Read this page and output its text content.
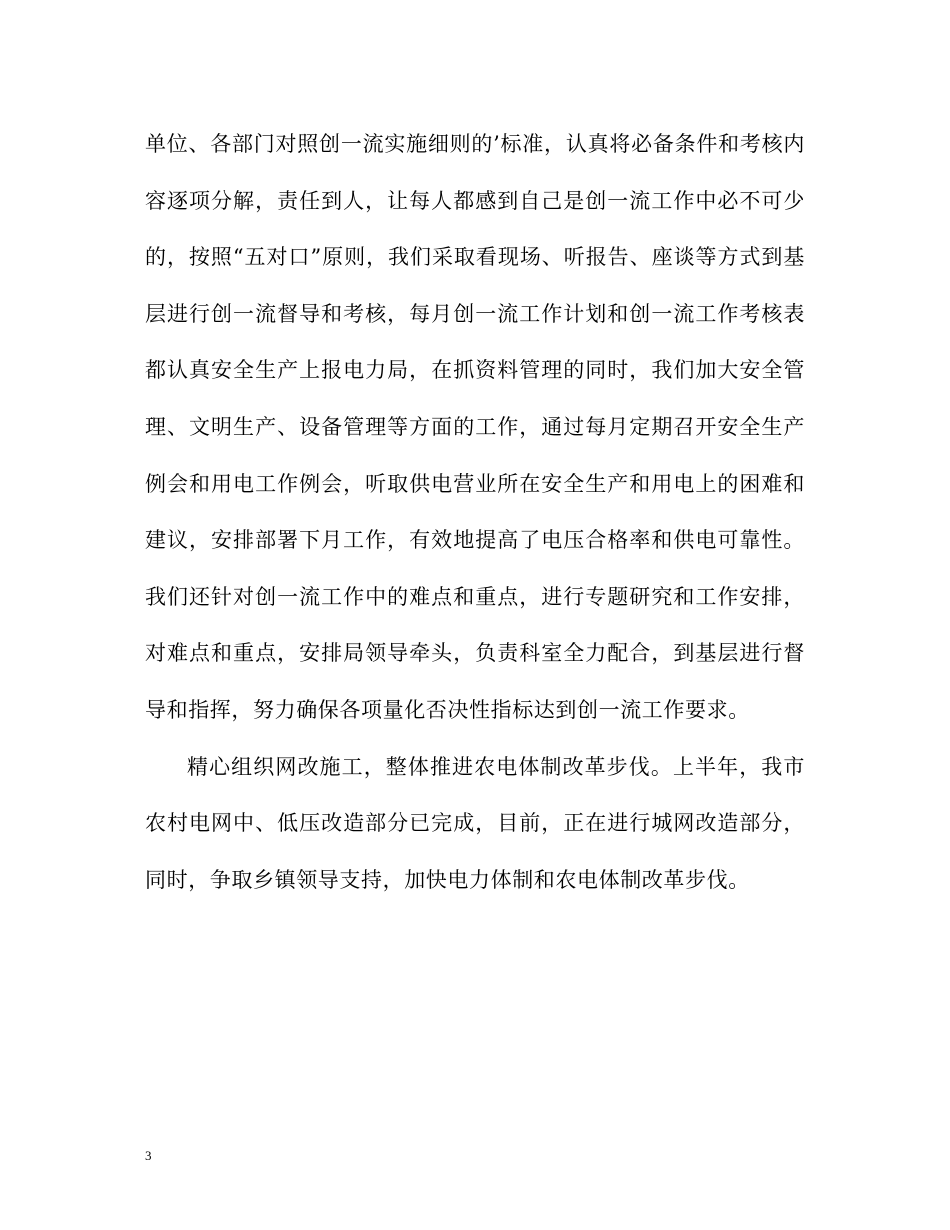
单位、各部门对照创一流实施细则的’标准，认真将必备条件和考核内容逐项分解，责任到人，让每人都感到自己是创一流工作中必不可少的，按照“五对口”原则，我们采取看现场、听报告、座谈等方式到基层进行创一流督导和考核，每月创一流工作计划和创一流工作考核表都认真安全生产上报电力局，在抓资料管理的同时，我们加大安全管理、文明生产、设备管理等方面的工作，通过每月定期召开安全生产例会和用电工作例会，听取供电营业所在安全生产和用电上的困难和建议，安排部署下月工作，有效地提高了电压合格率和供电可靠性。我们还针对创一流工作中的难点和重点，进行专题研究和工作安排，对难点和重点，安排局领导牵头，负责科室全力配合，到基层进行督导和指挥，努力确保各项量化否决性指标达到创一流工作要求。

精心组织网改施工，整体推进农电体制改革步伐。上半年，我市农村电网中、低压改造部分已完成，目前，正在进行城网改造部分，同时，争取乡镇领导支持，加快电力体制和农电体制改革步伐。

3
